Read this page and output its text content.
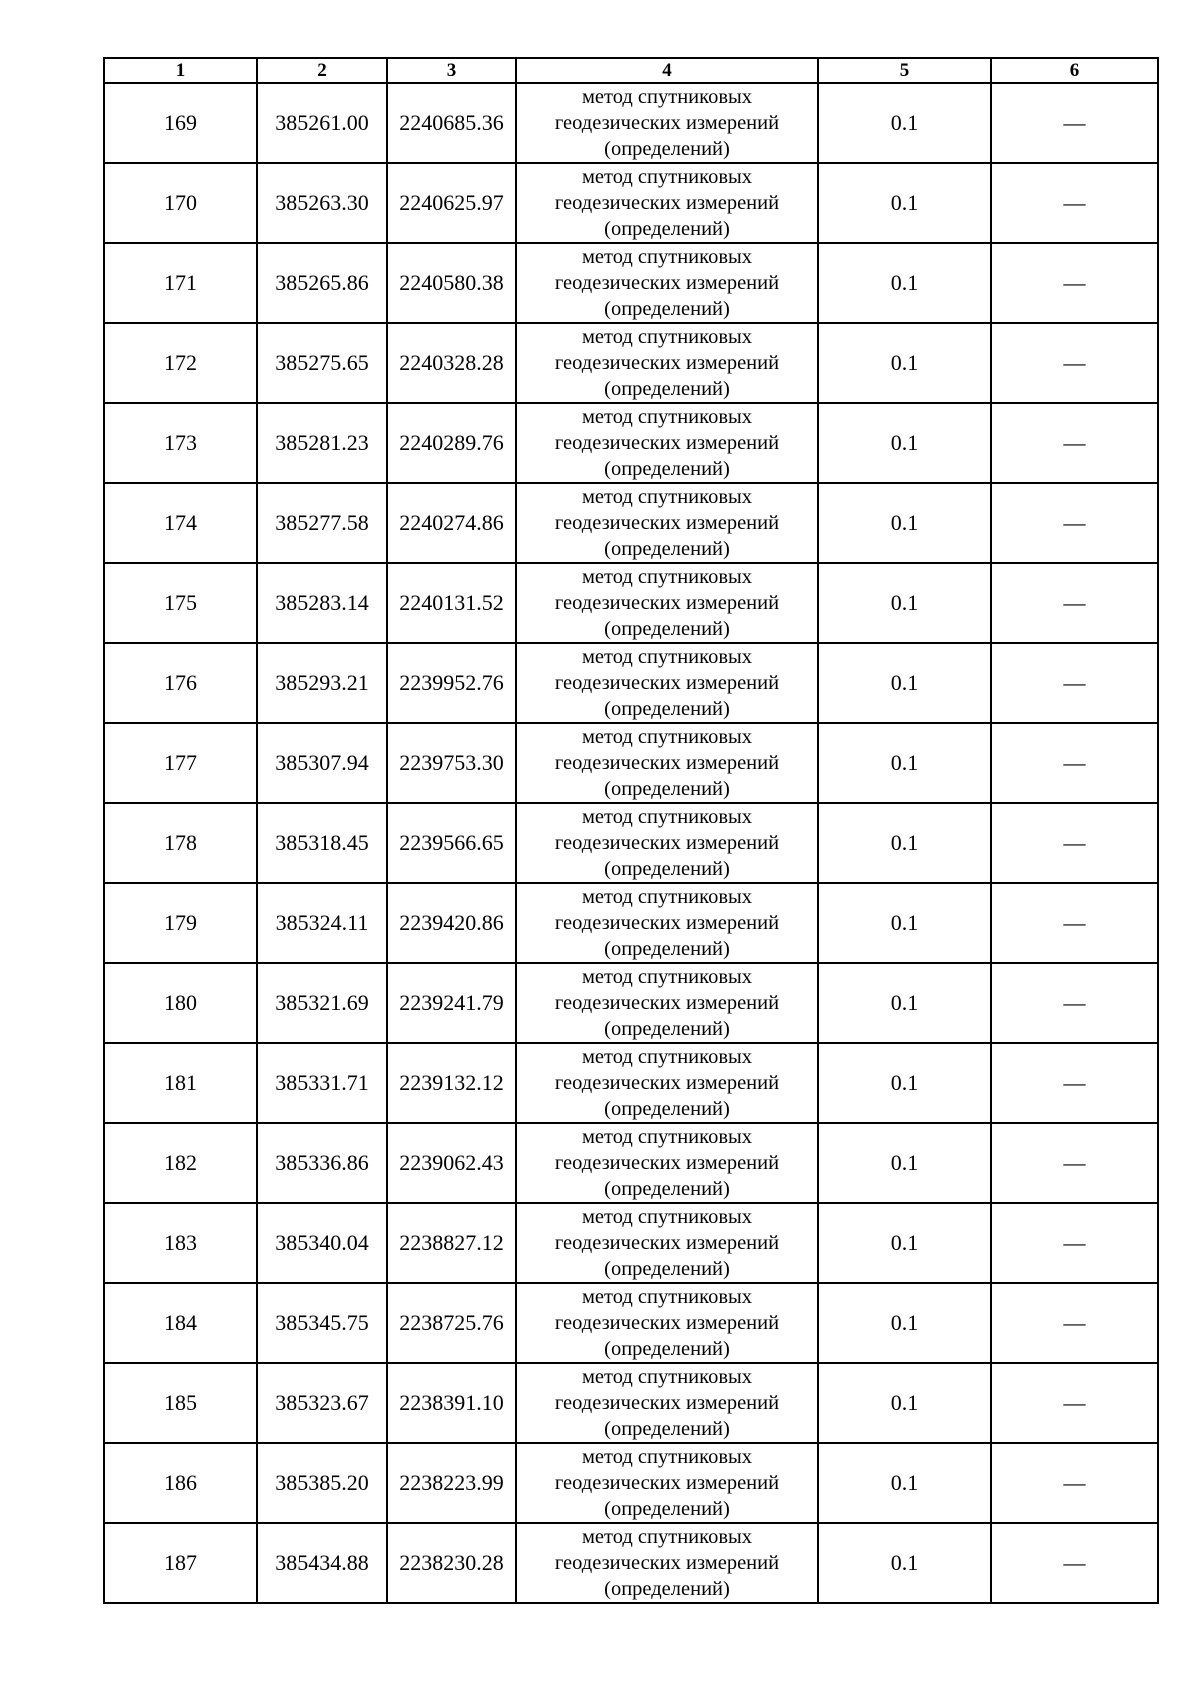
1	2	3	4	5	6
169	385261.00	2240685.36	метод спутниковых
геодезических измерений
(определений)	0.1	—
170	385263.30	2240625.97	метод спутниковых
геодезических измерений
(определений)	0.1	—
171	385265.86	2240580.38	метод спутниковых
геодезических измерений
(определений)	0.1	—
172	385275.65	2240328.28	метод спутниковых
геодезических измерений
(определений)	0.1	—
173	385281.23	2240289.76	метод спутниковых
геодезических измерений
(определений)	0.1	—
174	385277.58	2240274.86	метод спутниковых
геодезических измерений
(определений)	0.1	—
175	385283.14	2240131.52	метод спутниковых
геодезических измерений
(определений)	0.1	—
176	385293.21	2239952.76	метод спутниковых
геодезических измерений
(определений)	0.1	—
177	385307.94	2239753.30	метод спутниковых
геодезических измерений
(определений)	0.1	—
178	385318.45	2239566.65	метод спутниковых
геодезических измерений
(определений)	0.1	—
179	385324.11	2239420.86	метод спутниковых
геодезических измерений
(определений)	0.1	—
180	385321.69	2239241.79	метод спутниковых
геодезических измерений
(определений)	0.1	—
181	385331.71	2239132.12	метод спутниковых
геодезических измерений
(определений)	0.1	—
182	385336.86	2239062.43	метод спутниковых
геодезических измерений
(определений)	0.1	—
183	385340.04	2238827.12	метод спутниковых
геодезических измерений
(определений)	0.1	—
184	385345.75	2238725.76	метод спутниковых
геодезических измерений
(определений)	0.1	—
185	385323.67	2238391.10	метод спутниковых
геодезических измерений
(определений)	0.1	—
186	385385.20	2238223.99	метод спутниковых
геодезических измерений
(определений)	0.1	—
187	385434.88	2238230.28	метод спутниковых
геодезических измерений
(определений)	0.1	—
